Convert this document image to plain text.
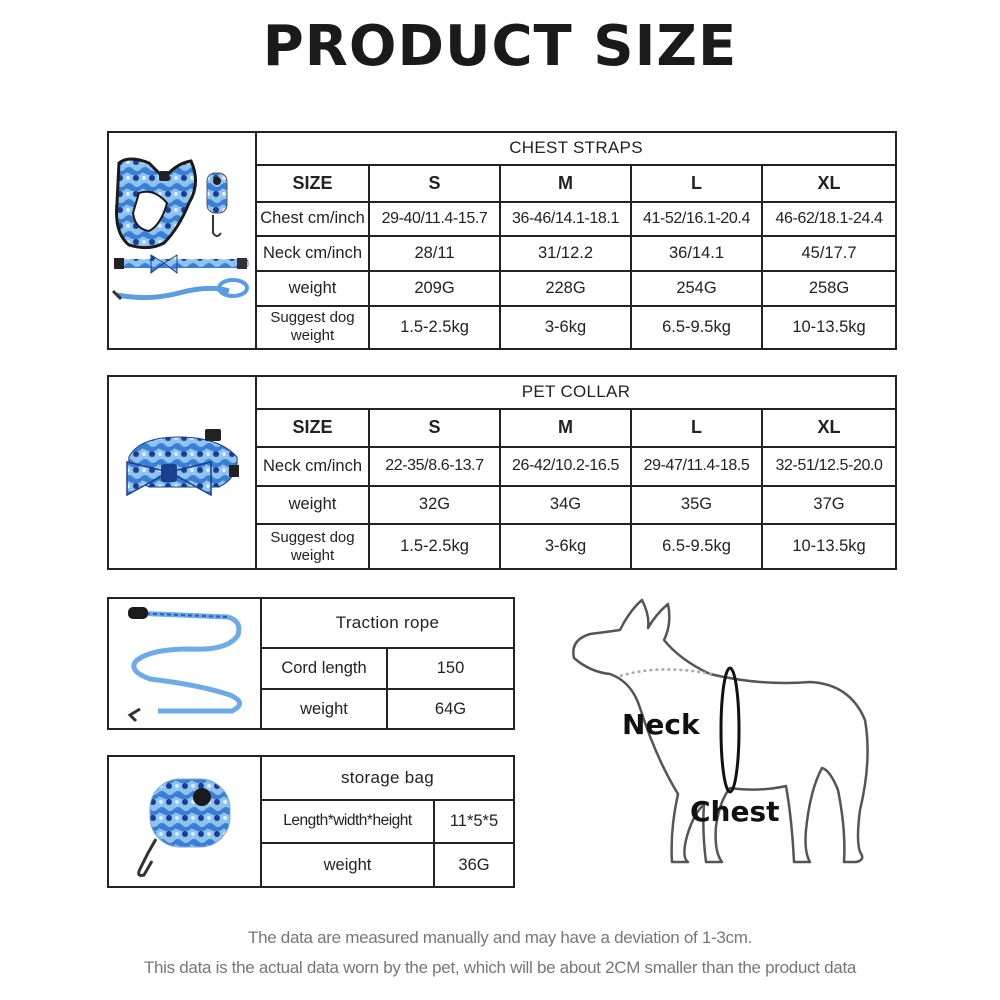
PRODUCT SIZE
	CHEST STRAPS				
	SIZE	S	M	L	XL
	Chest cm/inch	29-40/11.4-15.7	36-46/14.1-18.1	41-52/16.1-20.4	46-62/18.1-24.4
	Neck cm/inch	28/11	31/12.2	36/14.1	45/17.7
	weight	209G	228G	254G	258G
	Suggest dog weight	1.5-2.5kg	3-6kg	6.5-9.5kg	10-13.5kg
	PET COLLAR				
	SIZE	S	M	L	XL
	Neck cm/inch	22-35/8.6-13.7	26-42/10.2-16.5	29-47/11.4-18.5	32-51/12.5-20.0
	weight	32G	34G	35G	37G
	Suggest dog weight	1.5-2.5kg	3-6kg	6.5-9.5kg	10-13.5kg
	Traction rope	
	Cord length	150
	weight	64G
	storage bag	
	Length*width*height	11*5*5
	weight	36G
Neck
Chest
The data are measured manually and may have a deviation of 1-3cm.
This data is the actual data worn by the pet, which will be about 2CM smaller than the product data
